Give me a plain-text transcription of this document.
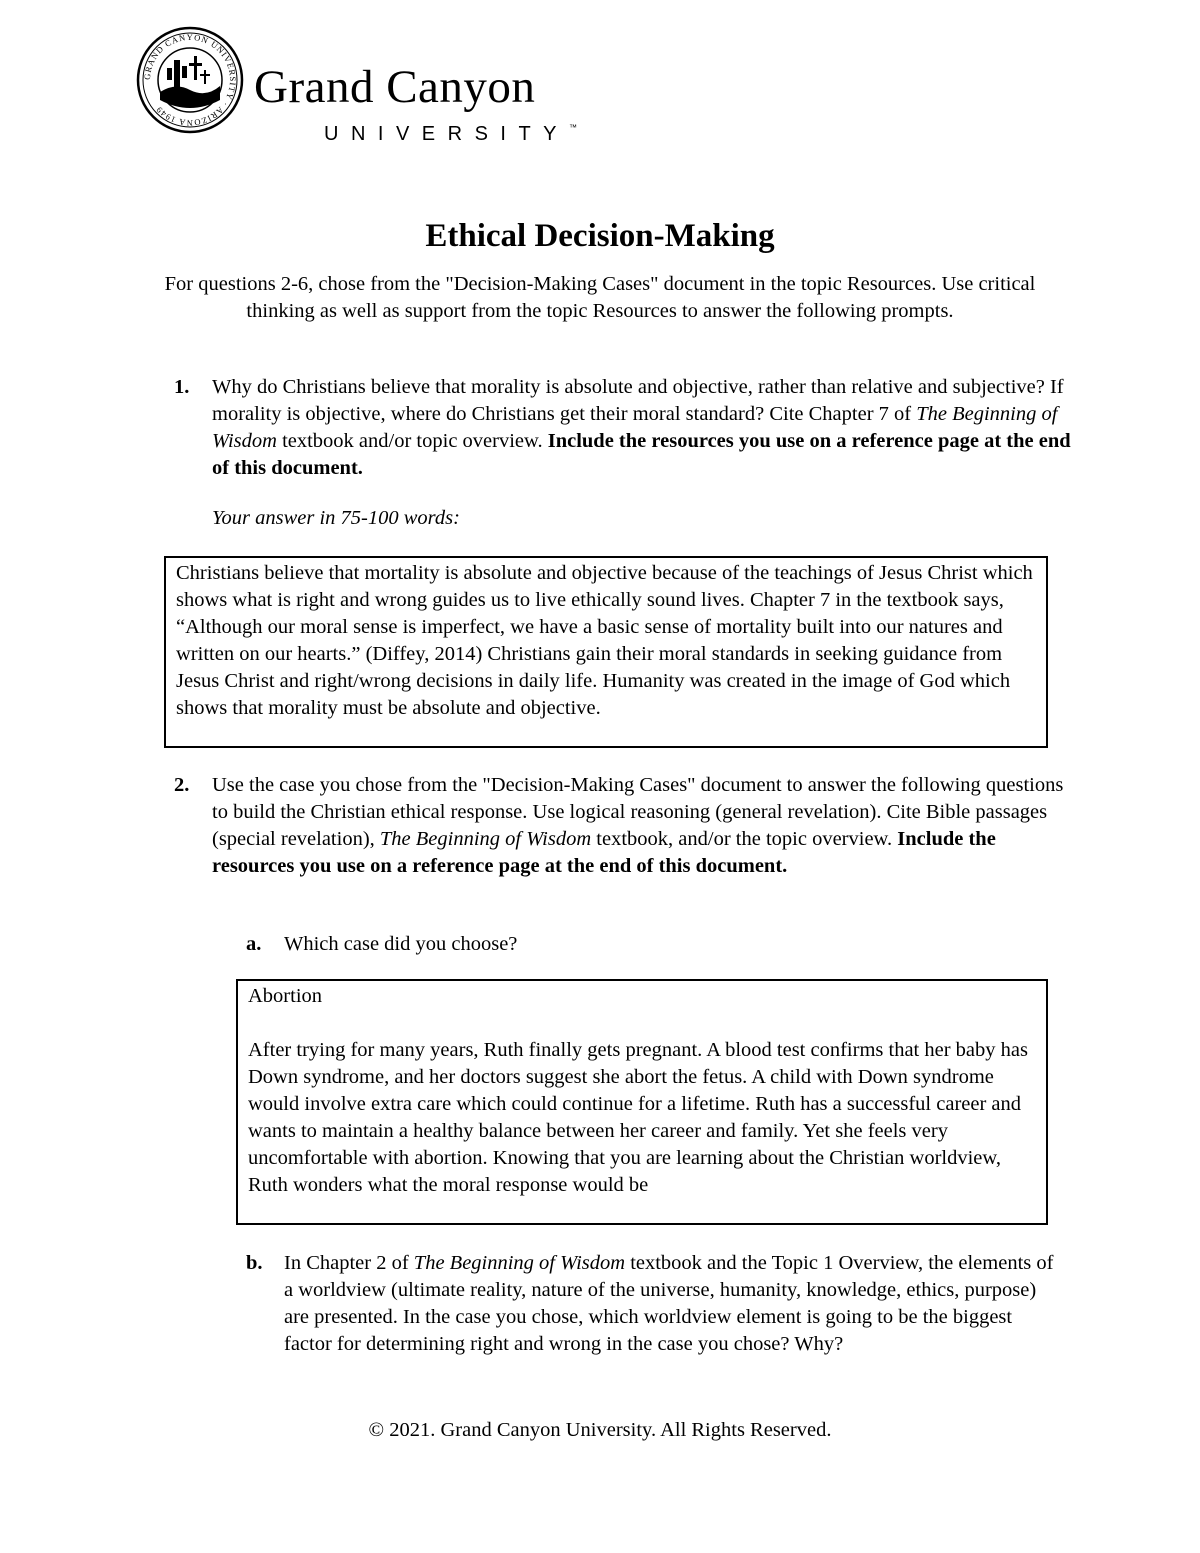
GRAND CANYON UNIVERSITY · ARIZONA 1949	Grand Canyon
UNIVERSITY™
Ethical Decision-Making

For questions 2-6, chose from the "Decision-Making Cases" document in the topic Resources. Use critical thinking as well as support from the topic Resources to answer the following prompts.

1. Why do Christians believe that morality is absolute and objective, rather than relative and subjective? If morality is objective, where do Christians get their moral standard? Cite Chapter 7 of The Beginning of Wisdom textbook and/or topic overview. Include the resources you use on a reference page at the end of this document.

Your answer in 75-100 words:

Christians believe that mortality is absolute and objective because of the teachings of Jesus Christ which shows what is right and wrong guides us to live ethically sound lives. Chapter 7 in the textbook says, “Although our moral sense is imperfect, we have a basic sense of mortality built into our natures and written on our hearts.” (Diffey, 2014) Christians gain their moral standards in seeking guidance from Jesus Christ and right/wrong decisions in daily life. Humanity was created in the image of God which shows that morality must be absolute and objective.

2. Use the case you chose from the "Decision-Making Cases" document to answer the following questions to build the Christian ethical response. Use logical reasoning (general revelation). Cite Bible passages (special revelation), The Beginning of Wisdom textbook, and/or the topic overview. Include the resources you use on a reference page at the end of this document.

a. Which case did you choose?

Abortion

After trying for many years, Ruth finally gets pregnant. A blood test confirms that her baby has Down syndrome, and her doctors suggest she abort the fetus. A child with Down syndrome would involve extra care which could continue for a lifetime. Ruth has a successful career and wants to maintain a healthy balance between her career and family. Yet she feels very uncomfortable with abortion. Knowing that you are learning about the Christian worldview, Ruth wonders what the moral response would be

b. In Chapter 2 of The Beginning of Wisdom textbook and the Topic 1 Overview, the elements of a worldview (ultimate reality, nature of the universe, humanity, knowledge, ethics, purpose) are presented. In the case you chose, which worldview element is going to be the biggest factor for determining right and wrong in the case you chose? Why?

© 2021. Grand Canyon University. All Rights Reserved.
